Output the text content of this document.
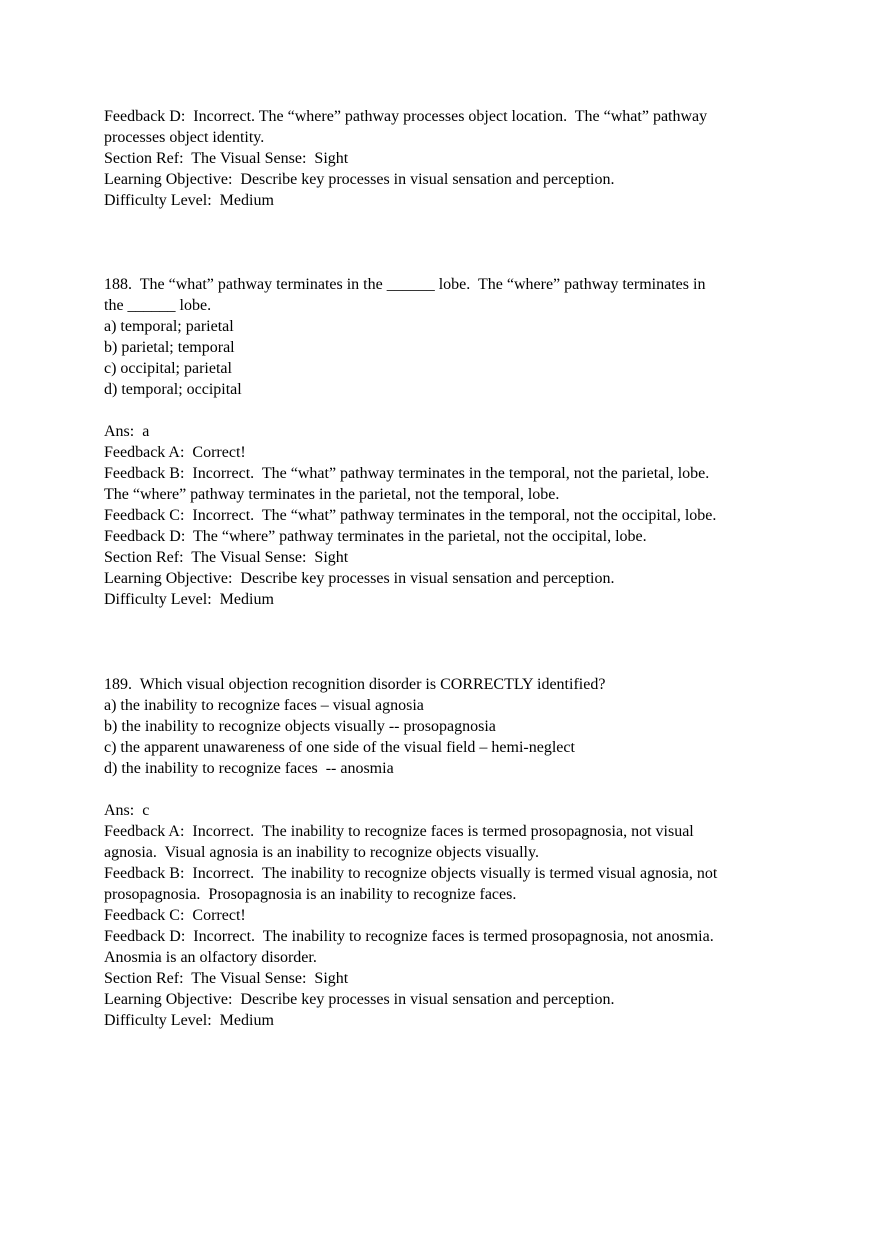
Feedback D:  Incorrect. The “where” pathway processes object location.  The “what” pathway
processes object identity.
Section Ref:  The Visual Sense:  Sight
Learning Objective:  Describe key processes in visual sensation and perception.
Difficulty Level:  Medium
188.  The “what” pathway terminates in the ______ lobe.  The “where” pathway terminates in
the ______ lobe.
a) temporal; parietal
b) parietal; temporal
c) occipital; parietal
d) temporal; occipital
Ans:  a
Feedback A:  Correct!
Feedback B:  Incorrect.  The “what” pathway terminates in the temporal, not the parietal, lobe.
The “where” pathway terminates in the parietal, not the temporal, lobe.
Feedback C:  Incorrect.  The “what” pathway terminates in the temporal, not the occipital, lobe.
Feedback D:  The “where” pathway terminates in the parietal, not the occipital, lobe.
Section Ref:  The Visual Sense:  Sight
Learning Objective:  Describe key processes in visual sensation and perception.
Difficulty Level:  Medium
189.  Which visual objection recognition disorder is CORRECTLY identified?
a) the inability to recognize faces – visual agnosia
b) the inability to recognize objects visually -- prosopagnosia
c) the apparent unawareness of one side of the visual field – hemi-neglect
d) the inability to recognize faces  -- anosmia
Ans:  c
Feedback A:  Incorrect.  The inability to recognize faces is termed prosopagnosia, not visual
agnosia.  Visual agnosia is an inability to recognize objects visually.
Feedback B:  Incorrect.  The inability to recognize objects visually is termed visual agnosia, not
prosopagnosia.  Prosopagnosia is an inability to recognize faces.
Feedback C:  Correct!
Feedback D:  Incorrect.  The inability to recognize faces is termed prosopagnosia, not anosmia.
Anosmia is an olfactory disorder.
Section Ref:  The Visual Sense:  Sight
Learning Objective:  Describe key processes in visual sensation and perception.
Difficulty Level:  Medium
